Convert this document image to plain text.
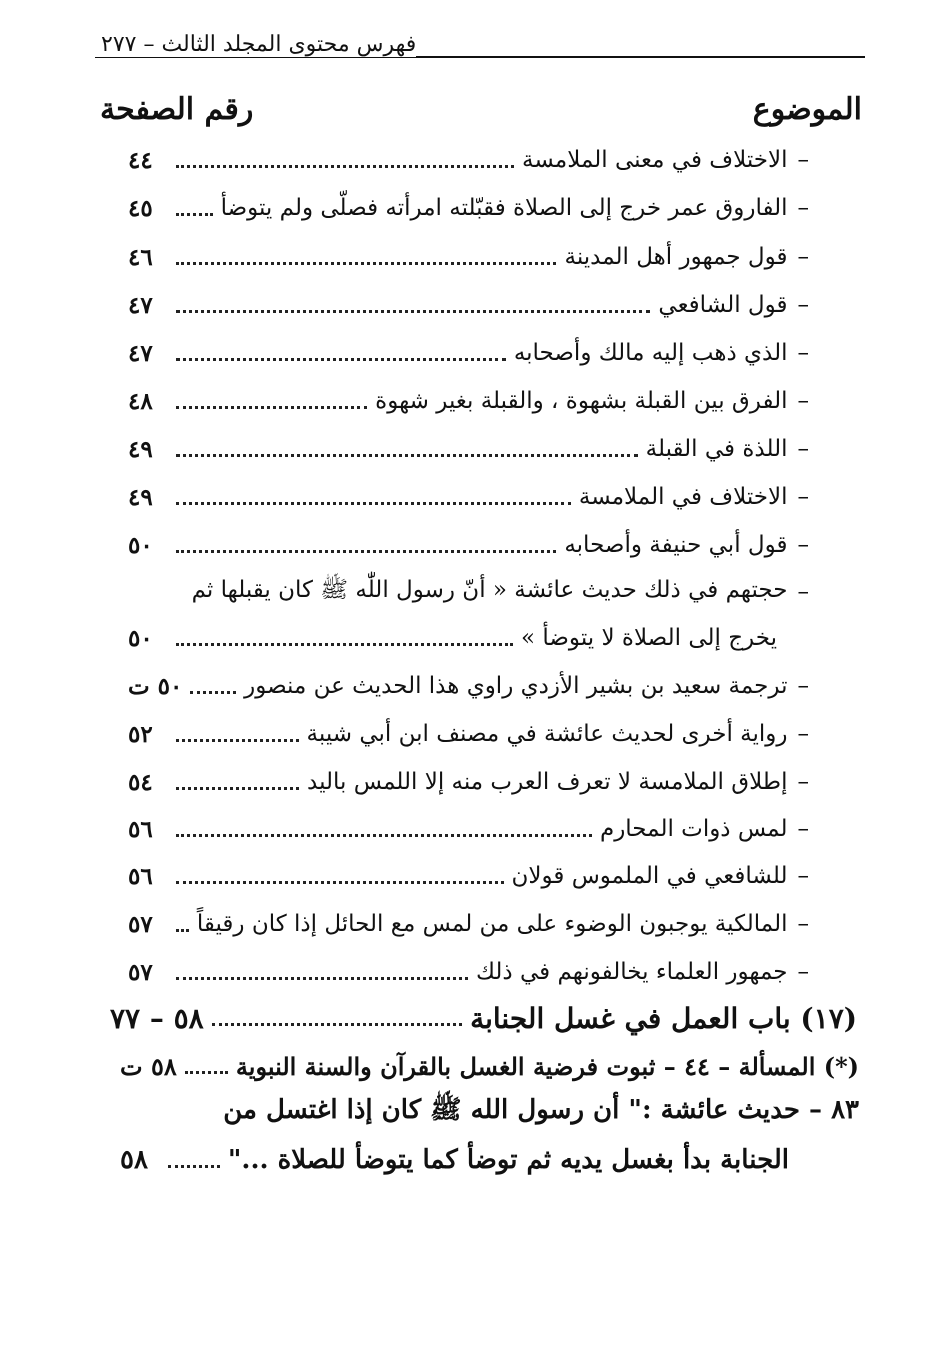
فهرس محتوى المجلد الثالث – ٢٧٧
الموضوع
رقم الصفحة
–
الاختلاف في معنى الملامسة
٤٤
–
الفاروق عمر خرج إلى الصلاة فقبّلته امرأته فصلّى ولم يتوضأ
٤٥
–
قول جمهور أهل المدينة
٤٦
–
قول الشافعي
٤٧
–
الذي ذهب إليه مالك وأصحابه
٤٧
–
الفرق بين القبلة بشهوة ، والقبلة بغير شهوة
٤٨
–
اللذة في القبلة
٤٩
–
الاختلاف في الملامسة
٤٩
–
قول أبي حنيفة وأصحابه
٥٠
–
حجتهم في ذلك حديث عائشة « أنّ رسول اللّٰه ﷺ كان يقبلها ثم
يخرج إلى الصلاة لا يتوضأ »
٥٠
–
ترجمة سعيد بن بشير الأزدي راوي هذا الحديث عن منصور
٥٠ ت
–
رواية أخرى لحديث عائشة في مصنف ابن أبي شيبة
٥٢
–
إطلاق الملامسة لا تعرف العرب منه إلا اللمس باليد
٥٤
–
لمس ذوات المحارم
٥٦
–
للشافعي في الملموس قولان
٥٦
–
المالكية يوجبون الوضوء على من لمس مع الحائل إذا كان رقيقاً
٥٧
–
جمهور العلماء يخالفونهم في ذلك
٥٧
(١٧) باب العمل في غسل الجنابة
٥٨ – ٧٧
(*) المسألة – ٤٤ – ثبوت فرضية الغسل بالقرآن والسنة النبوية
٥٨ ت
٨٣ – حديث عائشة :" أن رسول الله ﷺ كان إذا اغتسل من
الجنابة بدأ بغسل يديه ثم توضأ كما يتوضأ للصلاة ..."
٥٨
